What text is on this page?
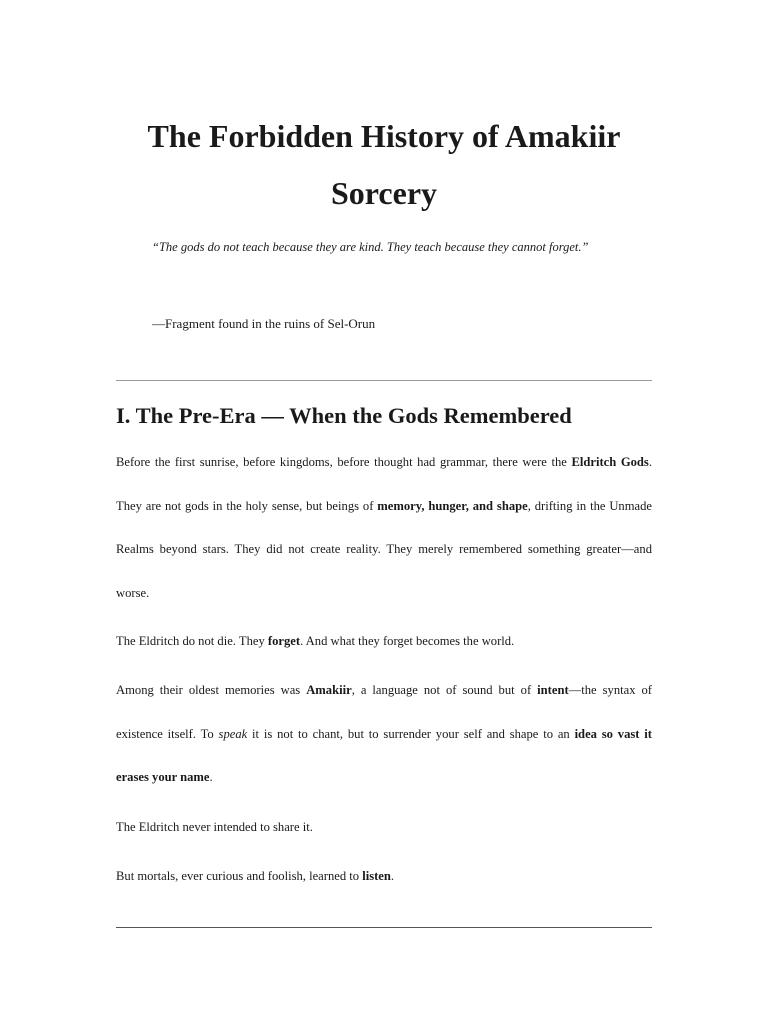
The Forbidden History of Amakiir Sorcery

“The gods do not teach because they are kind. They teach because they cannot forget.”

—Fragment found in the ruins of Sel-Orun

I. The Pre-Era — When the Gods Remembered

Before the first sunrise, before kingdoms, before thought had grammar, there were the Eldritch Gods. They are not gods in the holy sense, but beings of memory, hunger, and shape, drifting in the Unmade Realms beyond stars. They did not create reality. They merely remembered something greater—and worse.

The Eldritch do not die. They forget. And what they forget becomes the world.

Among their oldest memories was Amakiir, a language not of sound but of intent—the syntax of existence itself. To speak it is not to chant, but to surrender your self and shape to an idea so vast it erases your name.

The Eldritch never intended to share it.

But mortals, ever curious and foolish, learned to listen.
